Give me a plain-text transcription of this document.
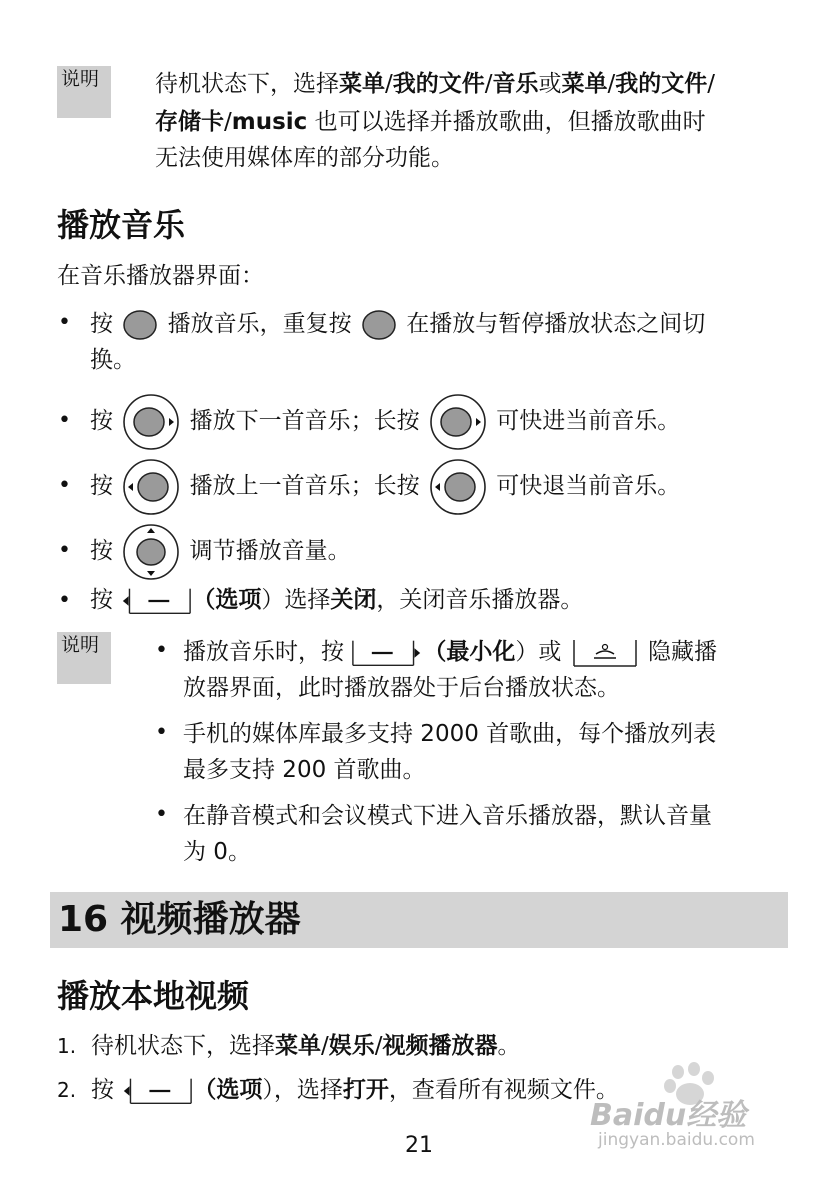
说明	待机状态下，选择菜单/我的文件/音乐或菜单/我的文件/
存储卡/music 也可以选择并播放歌曲，但播放歌曲时
无法使用媒体库的部分功能。
播放音乐
在音乐播放器界面：
• 按 播放音乐，重复按 在播放与暂停播放状态之间切
换。
• 按	播放下一首音乐；长按	可快进当前音乐。
• 按	播放上一首音乐；长按	可快退当前音乐。
• 按	调节播放音量。
• 按	（选项）选择关闭，关闭音乐播放器。
说明	• 播放音乐时，按	（最小化）或	隐藏播
放器界面，此时播放器处于后台播放状态。
• 手机的媒体库最多支持 2000 首歌曲，每个播放列表
最多支持 200 首歌曲。
• 在静音模式和会议模式下进入音乐播放器，默认音量
为 0。
16 视频播放器
播放本地视频
1. 待机状态下，选择菜单/娱乐/视频播放器。
2. 按	（选项），选择打开，查看所有视频文件。
21
Baidu经验
jingyan.baidu.com
